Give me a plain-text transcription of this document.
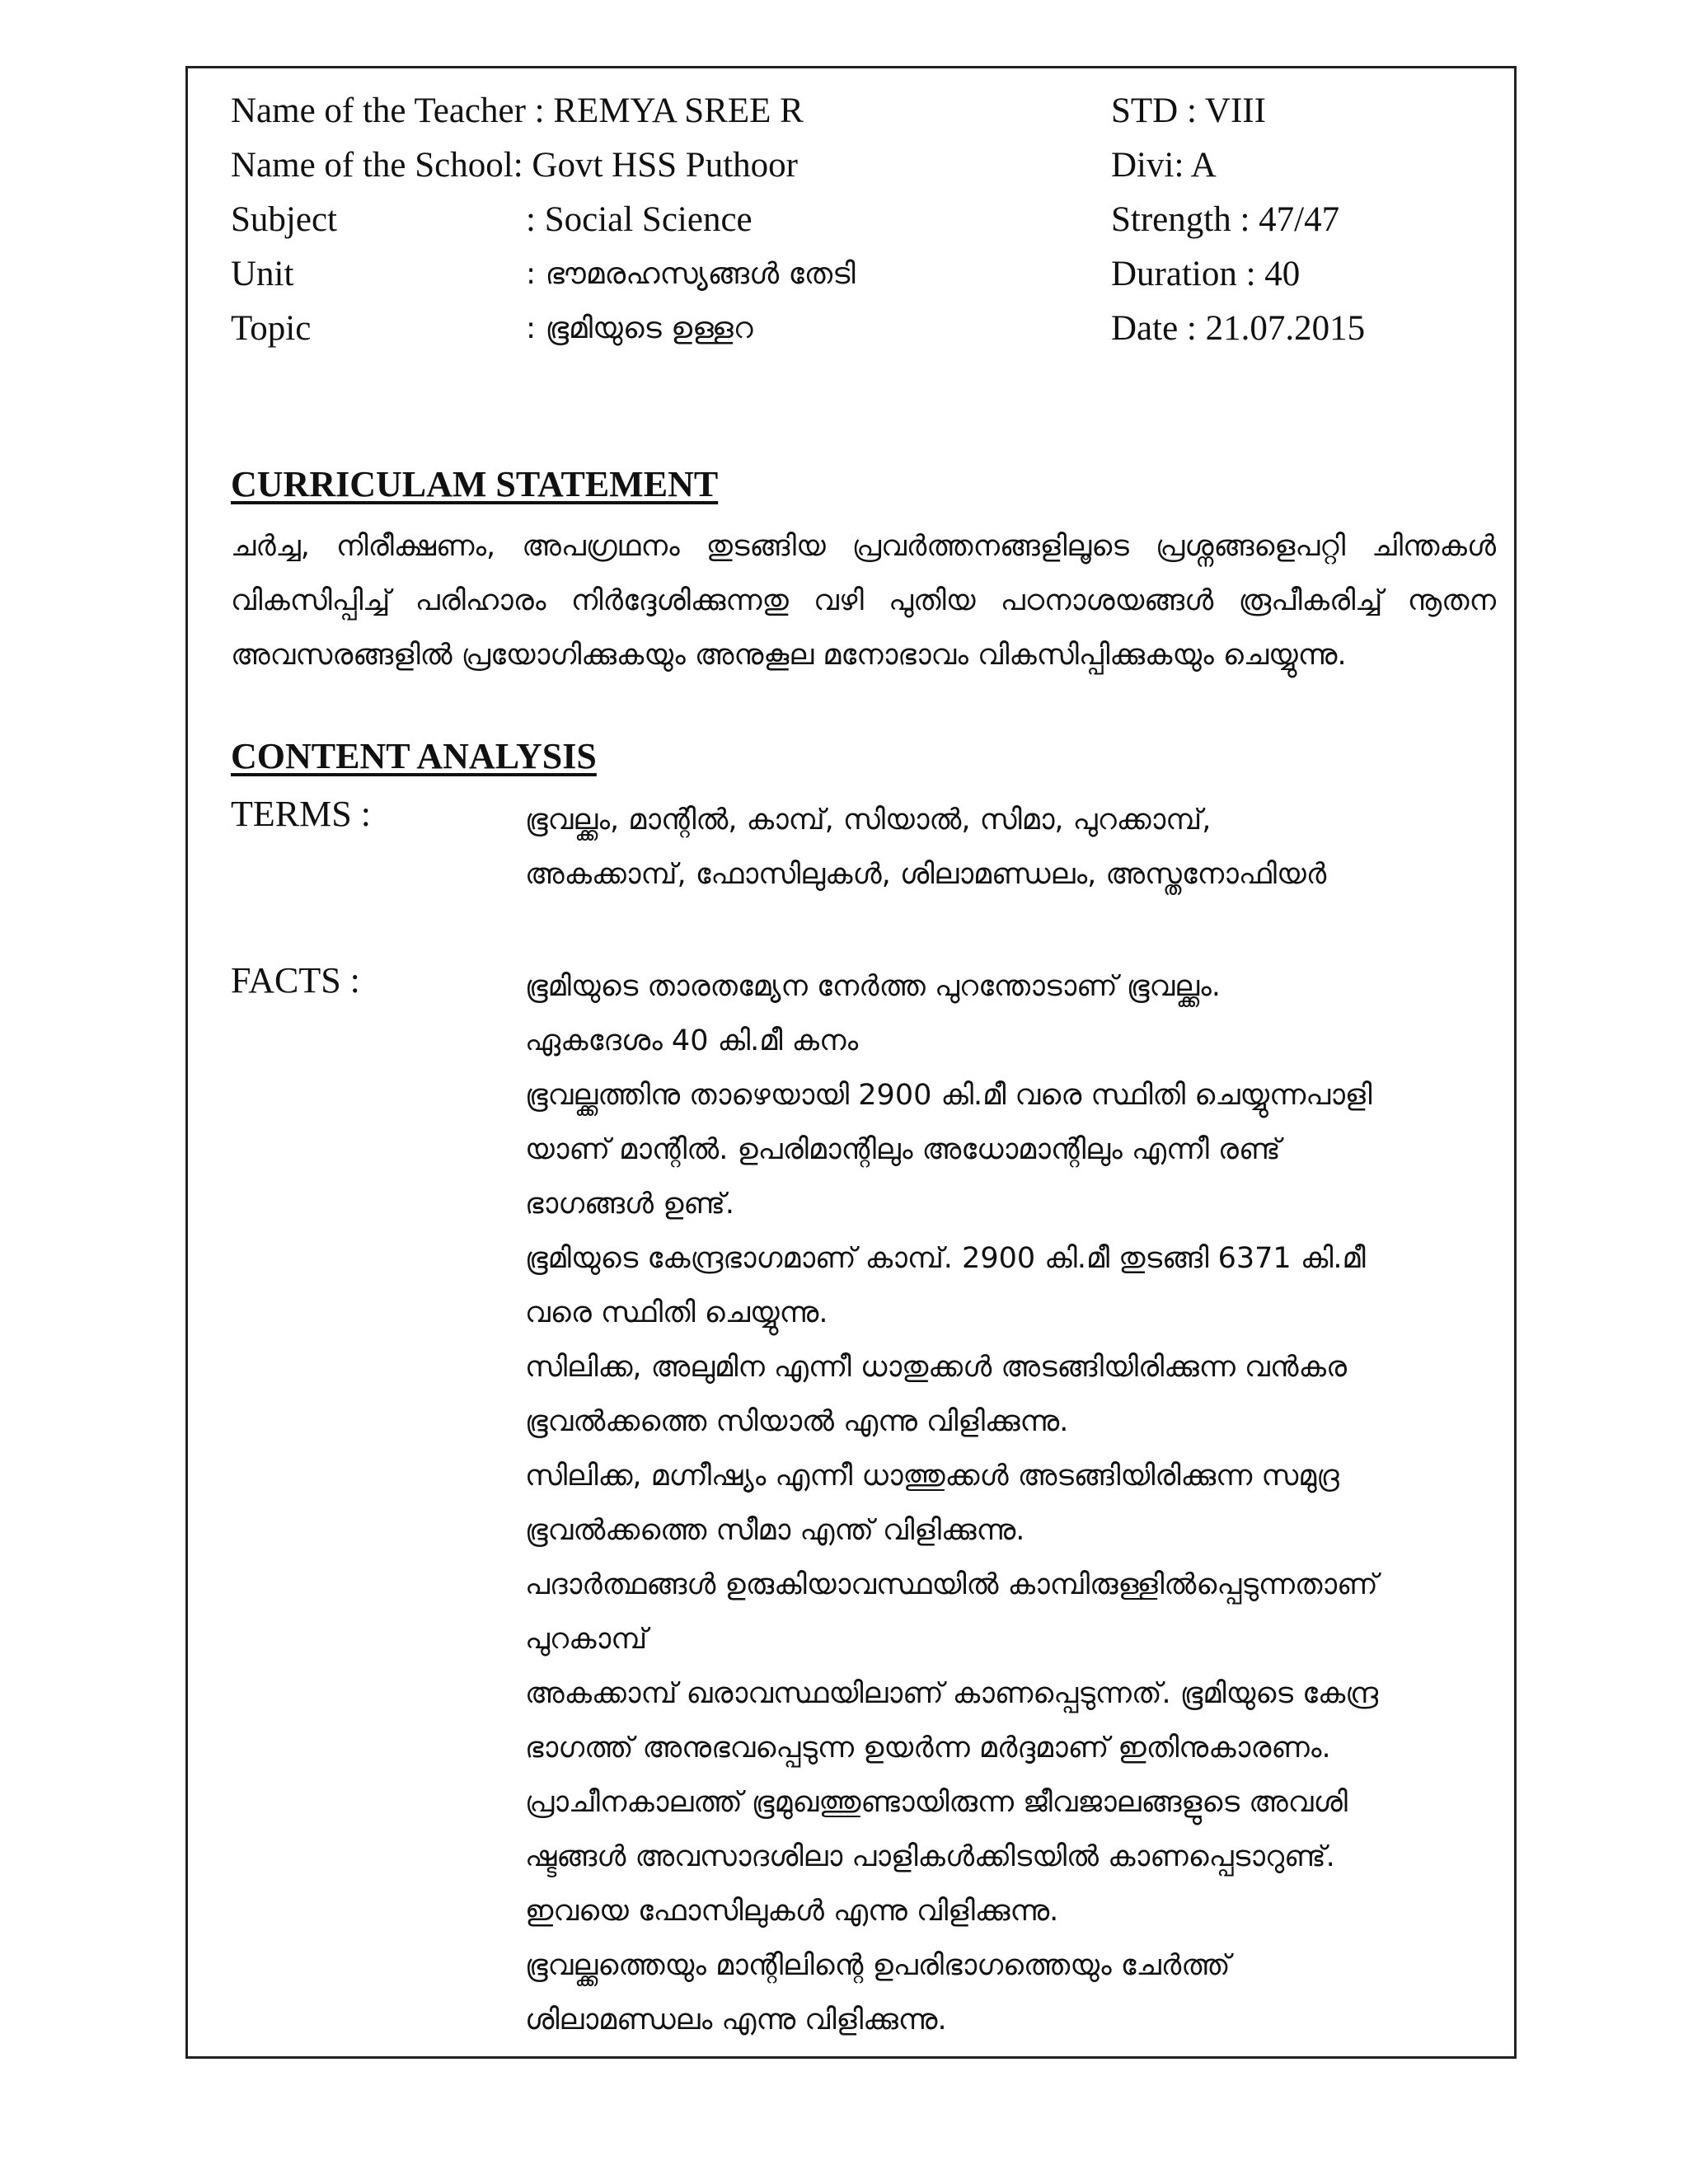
Name of the Teacher : REMYA SREE R	STD : VIII
Name of the School: Govt HSS Puthoor	Divi: A
Subject	: Social Science	Strength : 47/47
Unit	: ഭൗമരഹസ്യങ്ങൾ തേടി	Duration : 40
Topic	: ഭൂമിയുടെ ഉള്ളറ	Date : 21.07.2015
CURRICULAM STATEMENT

ചർച്ച, നിരീക്ഷണം, അപഗ്രഥനം തുടങ്ങിയ പ്രവർത്തനങ്ങളിലൂടെ പ്രശ്നങ്ങളെപറ്റി ചിന്തകൾ വികസിപ്പിച്ച് പരിഹാരം നിർദ്ദേശിക്കുന്നതു വഴി പുതിയ പഠനാശയങ്ങൾ രൂപീകരിച്ച് നൂതന അവസരങ്ങളിൽ പ്രയോഗിക്കുകയും അനുകൂല മനോഭാവം വികസിപ്പിക്കുകയും ചെയ്യുന്നു.

CONTENT ANALYSIS
TERMS :	ഭൂവല്ക്കം, മാന്റിൽ, കാമ്പ്, സിയാൽ, സിമാ, പുറക്കാമ്പ്,
അകക്കാമ്പ്, ഫോസിലുകൾ, ശിലാമണ്ഡലം, അസ്തനോഫിയർ
FACTS :	ഭൂമിയുടെ താരതമ്യേന നേർത്ത പുറന്തോടാണ് ഭൂവല്ക്കം.
ഏകദേശം 40 കി.മീ കനം
ഭൂവല്ക്കത്തിനു താഴെയായി 2900 കി.മീ വരെ സ്ഥിതി ചെയ്യുന്നപാളി
യാണ് മാന്റിൽ. ഉപരിമാന്റിലും അധോമാന്റിലും എന്നീ രണ്ട്
ഭാഗങ്ങൾ ഉണ്ട്.
ഭൂമിയുടെ കേന്ദ്രഭാഗമാണ് കാമ്പ്. 2900 കി.മീ തുടങ്ങി 6371 കി.മീ
വരെ സ്ഥിതി ചെയ്യുന്നു.
സിലിക്ക, അലുമിന എന്നീ ധാതുക്കൾ അടങ്ങിയിരിക്കുന്ന വൻകര
ഭൂവൽക്കത്തെ സിയാൽ എന്നു വിളിക്കുന്നു.
സിലിക്ക, മഗ്നീഷ്യം എന്നീ ധാത്തുക്കൾ അടങ്ങിയിരിക്കുന്ന സമുദ്ര
ഭൂവൽക്കത്തെ സീമാ എന്ത് വിളിക്കുന്നു.
പദാർത്ഥങ്ങൾ ഉരുകിയാവസ്ഥയിൽ കാമ്പിരുള്ളിൽപ്പെടുന്നതാണ്
പുറകാമ്പ്
അകക്കാമ്പ് ഖരാവസ്ഥയിലാണ് കാണപ്പെടുന്നത്. ഭൂമിയുടെ കേന്ദ്ര
ഭാഗത്ത് അനുഭവപ്പെടുന്ന ഉയർന്ന മർദ്ദമാണ് ഇതിനുകാരണം.
പ്രാചീനകാലത്ത് ഭൂമുഖത്തുണ്ടായിരുന്ന ജീവജാലങ്ങളുടെ അവശി
ഷ്ടങ്ങൾ അവസാദശിലാ പാളികൾക്കിടയിൽ കാണപ്പെടാറുണ്ട്.
ഇവയെ ഫോസിലുകൾ എന്നു വിളിക്കുന്നു.
ഭൂവല്ക്കത്തെയും മാന്റിലിന്റെ ഉപരിഭാഗത്തെയും ചേർത്ത്
ശിലാമണ്ഡലം എന്നു വിളിക്കുന്നു.
